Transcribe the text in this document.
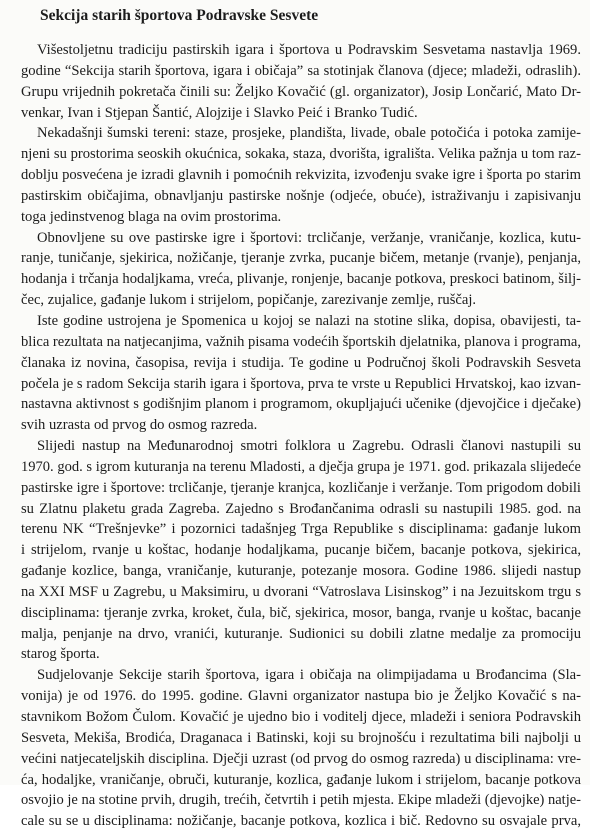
Sekcija starih športova Podravske Sesvete
Višestoljetnu tradiciju pastirskih igara i športova u Podravskim Sesvetama nastavlja 1969.
godine “Sekcija starih športova, igara i običaja” sa stotinjak članova (djece; mladeži, odraslih).
Grupu vrijednih pokretača činili su: Željko Kovačić (gl. organizator), Josip Lončarić, Mato Dr-
venkar, Ivan i Stjepan Šantić, Alojzije i Slavko Peić i Branko Tudić.
Nekadašnji šumski tereni: staze, prosjeke, plandišta, livade, obale potočića i potoka zamije-
njeni su prostorima seoskih okućnica, sokaka, staza, dvorišta, igrališta. Velika pažnja u tom raz-
doblju posvećena je izradi glavnih i pomoćnih rekvizita, izvođenju svake igre i športa po starim
pastirskim običajima, obnavljanju pastirske nošnje (odjeće, obuće), istraživanju i zapisivanju
toga jedinstvenog blaga na ovim prostorima.
Obnovljene su ove pastirske igre i športovi: trcličanje, veržanje, vraničanje, kozlica, kutu-
ranje, tuničanje, sjekirica, nožičanje, tjeranje zvrka, pucanje bičem, metanje (rvanje), penjanja,
hodanja i trčanja hodaljkama, vreća, plivanje, ronjenje, bacanje potkova, preskoci batinom, šilj-
čec, zujalice, gađanje lukom i strijelom, popičanje, zarezivanje zemlje, ruščaj.
Iste godine ustrojena je Spomenica u kojoj se nalazi na stotine slika, dopisa, obavijesti, ta-
blica rezultata na natjecanjima, važnih pisama vodećih športskih djelatnika, planova i programa,
članaka iz novina, časopisa, revija i studija. Te godine u Područnoj školi Podravskih Sesveta
počela je s radom Sekcija starih igara i športova, prva te vrste u Republici Hrvatskoj, kao izvan-
nastavna aktivnost s godišnjim planom i programom, okupljajući učenike (djevojčice i dječake)
svih uzrasta od prvog do osmog razreda.
Slijedi nastup na Međunarodnoj smotri folklora u Zagrebu. Odrasli članovi nastupili su
1970. god. s igrom kuturanja na terenu Mladosti, a dječja grupa je 1971. god. prikazala slijedeće
pastirske igre i športove: trcličanje, tjeranje kranjca, kozličanje i veržanje. Tom prigodom dobili
su Zlatnu plaketu grada Zagreba. Zajedno s Brođančanima odrasli su nastupili 1985. god. na
terenu NK “Trešnjevke” i pozornici tadašnjeg Trga Republike s disciplinama: gađanje lukom
i strijelom, rvanje u koštac, hodanje hodaljkama, pucanje bičem, bacanje potkova, sjekirica,
gađanje kozlice, banga, vraničanje, kuturanje, potezanje mosora. Godine 1986. slijedi nastup
na XXI MSF u Zagrebu, u Maksimiru, u dvorani “Vatroslava Lisinskog” i na Jezuitskom trgu s
disciplinama: tjeranje zvrka, kroket, čula, bič, sjekirica, mosor, banga, rvanje u koštac, bacanje
malja, penjanje na drvo, vranići, kuturanje. Sudionici su dobili zlatne medalje za promociju
starog športa.
Sudjelovanje Sekcije starih športova, igara i običaja na olimpijadama u Brođancima (Sla-
vonija) je od 1976. do 1995. godine. Glavni organizator nastupa bio je Željko Kovačić s na-
stavnikom Božom Čulom. Kovačić je ujedno bio i voditelj djece, mladeži i seniora Podravskih
Sesveta, Mekiša, Brodića, Draganaca i Batinski, koji su brojnošću i rezultatima bili najbolji u
većini natjecateljskih disciplina. Dječji uzrast (od prvog do osmog razreda) u disciplinama: vre-
ća, hodaljke, vraničanje, obruči, kuturanje, kozlica, gađanje lukom i strijelom, bacanje potkova
osvojio je na stotine prvih, drugih, trećih, četvrtih i petih mjesta. Ekipe mladeži (djevojke) natje-
cale su se u disciplinama: nožičanje, bacanje potkova, kozlica i bič. Redovno su osvajale prva,
